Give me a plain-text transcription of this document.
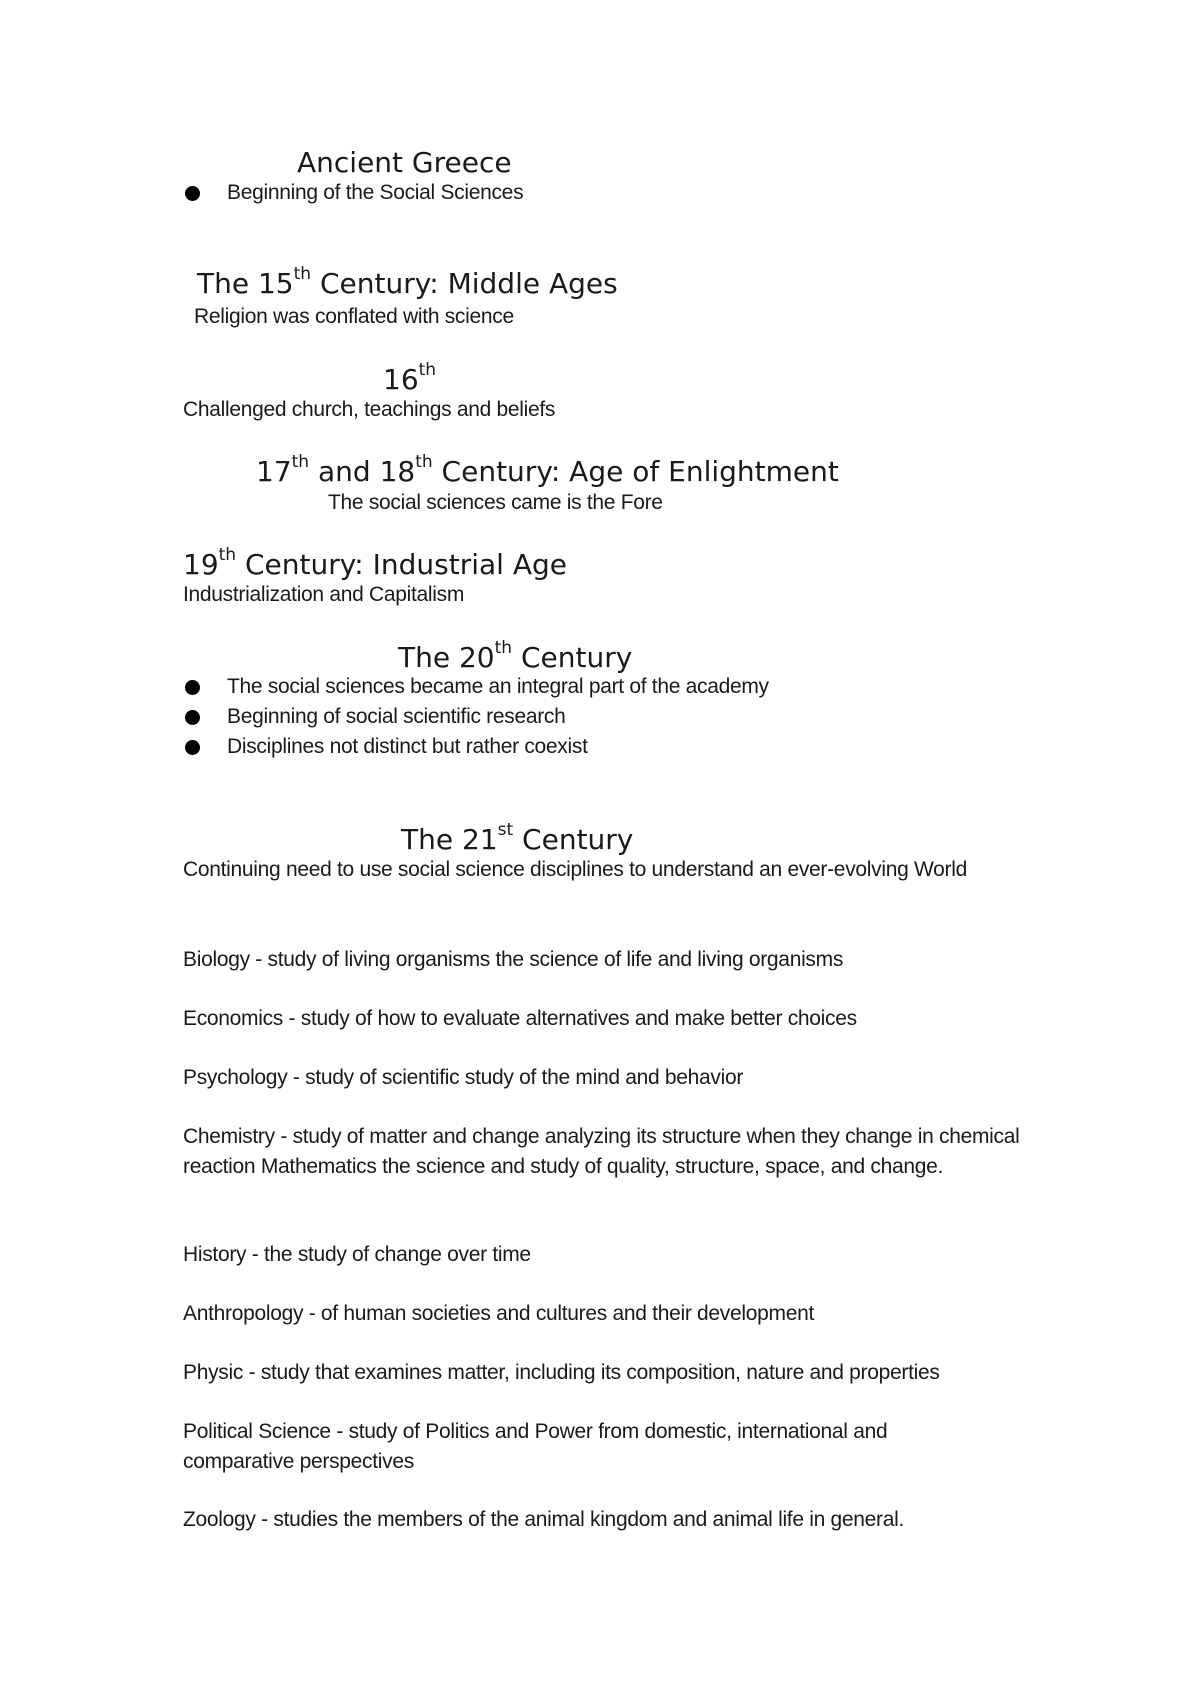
Ancient Greece
Beginning of the Social Sciences
The 15th Century: Middle Ages
Religion was conflated with science
16th
Challenged church, teachings and beliefs
17th and 18th Century: Age of Enlightment
The social sciences came is the Fore
19th Century: Industrial Age
Industrialization and Capitalism
The 20th Century
The social sciences became an integral part of the academy
Beginning of social scientific research
Disciplines not distinct but rather coexist
The 21st Century
Continuing need to use social science disciplines to understand an ever-evolving World
Biology - study of living organisms the science of life and living organisms
Economics - study of how to evaluate alternatives and make better choices
Psychology - study of scientific study of the mind and behavior
Chemistry - study of matter and change analyzing its structure when they change in chemical reaction Mathematics the science and study of quality, structure, space, and change.
History - the study of change over time
Anthropology - of human societies and cultures and their development
Physic - study that examines matter, including its composition, nature and properties
Political Science - study of Politics and Power from domestic, international and comparative perspectives
Zoology - studies the members of the animal kingdom and animal life in general.
